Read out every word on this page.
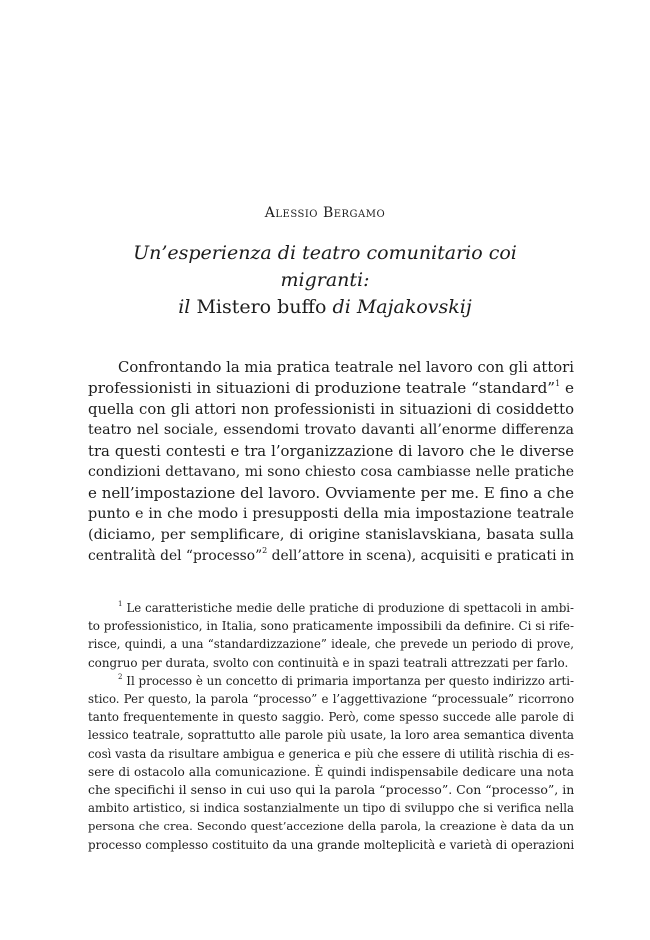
Alessio Bergamo
Un’esperienza di teatro comunitario coi migranti:
il Mistero buffo di Majakovskij
Confrontando la mia pratica teatrale nel lavoro con gli attori
professionisti in situazioni di produzione teatrale “standard”$^1$ e
quella con gli attori non professionisti in situazioni di cosiddetto
teatro nel sociale, essendomi trovato davanti all’enorme differenza
tra questi contesti e tra l’organizzazione di lavoro che le diverse
condizioni dettavano, mi sono chiesto cosa cambiasse nelle pratiche
e nell’impostazione del lavoro. Ovviamente per me. E fino a che
punto e in che modo i presupposti della mia impostazione teatrale
(diciamo, per semplificare, di origine stanislavskiana, basata sulla
centralità del “processo”$^2$ dell’attore in scena), acquisiti e praticati in
$^1$ Le caratteristiche medie delle pratiche di produzione di spettacoli in ambi-
to professionistico, in Italia, sono praticamente impossibili da definire. Ci si rife-
risce, quindi, a una “standardizzazione” ideale, che prevede un periodo di prove,
congruo per durata, svolto con continuità e in spazi teatrali attrezzati per farlo.
$^2$ Il processo è un concetto di primaria importanza per questo indirizzo arti-
stico. Per questo, la parola “processo” e l’aggettivazione “processuale” ricorrono
tanto frequentemente in questo saggio. Però, come spesso succede alle parole di
lessico teatrale, soprattutto alle parole più usate, la loro area semantica diventa
così vasta da risultare ambigua e generica e più che essere di utilità rischia di es-
sere di ostacolo alla comunicazione. È quindi indispensabile dedicare una nota
che specifichi il senso in cui uso qui la parola “processo”. Con “processo”, in
ambito artistico, si indica sostanzialmente un tipo di sviluppo che si verifica nella
persona che crea. Secondo quest’accezione della parola, la creazione è data da un
processo complesso costituito da una grande molteplicità e varietà di operazioni
